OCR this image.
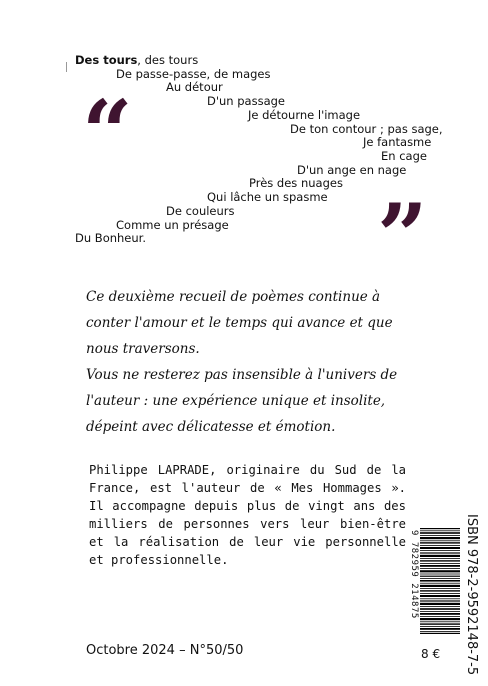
Des tours, des tours
De passe-passe, de mages
Au détour
D'un passage
Je détourne l'image
De ton contour ; pas sage,
Je fantasme
En cage
D'un ange en nage
Près des nuages
Qui lâche un spasme
De couleurs
Comme un présage
Du Bonheur.
“
”

Ce deuxième recueil de poèmes continue à conter l'amour et le temps qui avance et que nous traversons.

Vous ne resterez pas insensible à l'univers de l'auteur : une expérience unique et insolite, dépeint avec délicatesse et émotion.

Philippe LAPRADE, originaire du Sud de la France, est l'auteur de « Mes Hommages ». Il accompagne depuis plus de vingt ans des milliers de personnes vers leur bien-être et la réalisation de leur vie personnelle et professionnelle.	ISBN 978-2-9592148-7-5
9 782959 214875
Octobre 2024 – N°50/50	8 €
